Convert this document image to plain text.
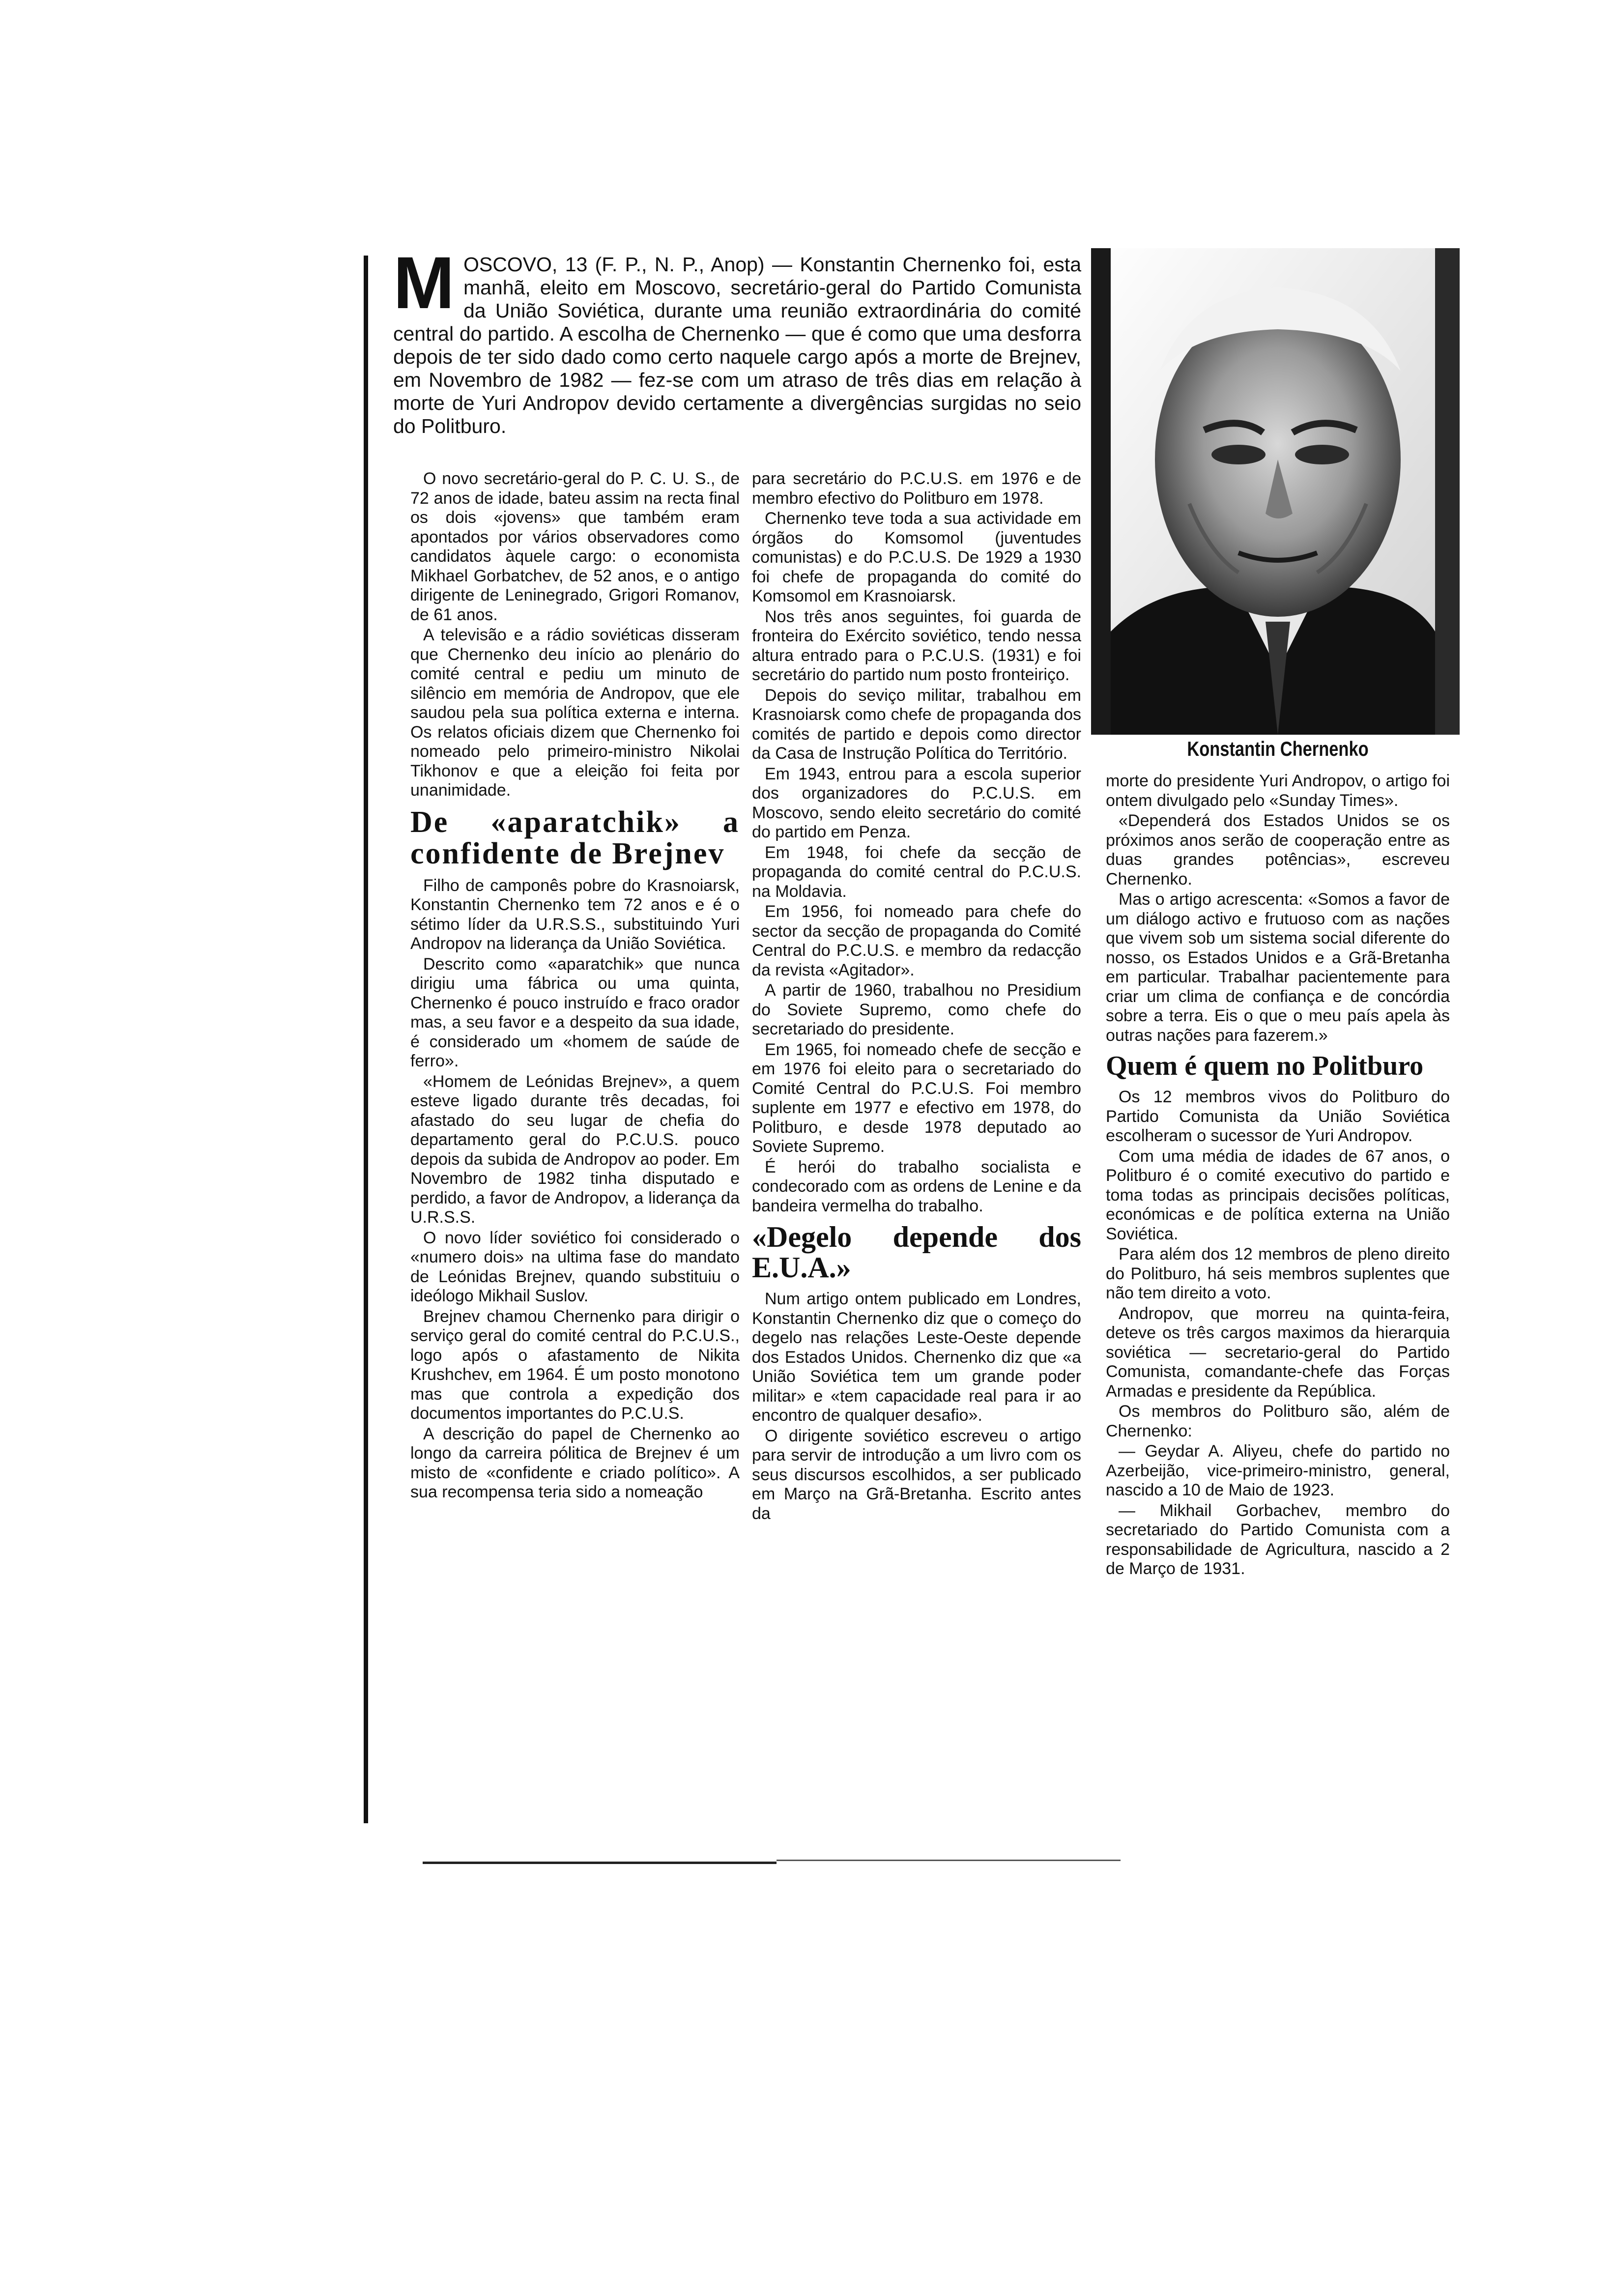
MOSCOVO, 13 (F. P., N. P., Anop) — Konstantin Chernenko foi, esta manhã, eleito em Moscovo, secretário-geral do Partido Comunista da União Soviética, durante uma reunião extraordinária do comité central do partido. A escolha de Chernenko — que é como que uma desforra depois de ter sido dado como certo naquele cargo após a morte de Brejnev, em Novembro de 1982 — fez-se com um atraso de três dias em relação à morte de Yuri Andropov devido certamente a divergências surgidas no seio do Politburo.

O novo secretário-geral do P. C. U. S., de 72 anos de idade, bateu assim na recta final os dois «jovens» que também eram apontados por vários observadores como candidatos àquele cargo: o economista Mikhael Gorbatchev, de 52 anos, e o antigo dirigente de Leninegrado, Grigori Romanov, de 61 anos.

A televisão e a rádio soviéticas disseram que Chernenko deu início ao plenário do comité central e pediu um minuto de silêncio em memória de Andropov, que ele saudou pela sua política externa e interna. Os relatos oficiais dizem que Chernenko foi nomeado pelo primeiro-ministro Nikolai Tikhonov e que a eleição foi feita por unanimidade.

De «aparatchik» a confidente de Brejnev

Filho de camponês pobre do Krasnoiarsk, Konstantin Chernenko tem 72 anos e é o sétimo líder da U.R.S.S., substituindo Yuri Andropov na liderança da União Soviética.

Descrito como «aparatchik» que nunca dirigiu uma fábrica ou uma quinta, Chernenko é pouco instruído e fraco orador mas, a seu favor e a despeito da sua idade, é considerado um «homem de saúde de ferro».

«Homem de Leónidas Brejnev», a quem esteve ligado durante três decadas, foi afastado do seu lugar de chefia do departamento geral do P.C.U.S. pouco depois da subida de Andropov ao poder. Em Novembro de 1982 tinha disputado e perdido, a favor de Andropov, a liderança da U.R.S.S.

O novo líder soviético foi considerado o «numero dois» na ultima fase do mandato de Leónidas Brejnev, quando substituiu o ideólogo Mikhail Suslov.

Brejnev chamou Chernenko para dirigir o serviço geral do comité central do P.C.U.S., logo após o afastamento de Nikita Krushchev, em 1964. É um posto monotono mas que controla a expedição dos documentos importantes do P.C.U.S.

A descrição do papel de Chernenko ao longo da carreira pólitica de Brejnev é um misto de «confidente e criado político». A sua recompensa teria sido a nomeação

para secretário do P.C.U.S. em 1976 e de membro efectivo do Politburo em 1978.

Chernenko teve toda a sua actividade em órgãos do Komsomol (juventudes comunistas) e do P.C.U.S. De 1929 a 1930 foi chefe de propaganda do comité do Komsomol em Krasnoiarsk.

Nos três anos seguintes, foi guarda de fronteira do Exército soviético, tendo nessa altura entrado para o P.C.U.S. (1931) e foi secretário do partido num posto fronteiriço.

Depois do seviço militar, trabalhou em Krasnoiarsk como chefe de propaganda dos comités de partido e depois como director da Casa de Instrução Política do Território.

Em 1943, entrou para a escola superior dos organizadores do P.C.U.S. em Moscovo, sendo eleito secretário do comité do partido em Penza.

Em 1948, foi chefe da secção de propaganda do comité central do P.C.U.S. na Moldavia.

Em 1956, foi nomeado para chefe do sector da secção de propaganda do Comité Central do P.C.U.S. e membro da redacção da revista «Agitador».

A partir de 1960, trabalhou no Presidium do Soviete Supremo, como chefe do secretariado do presidente.

Em 1965, foi nomeado chefe de secção e em 1976 foi eleito para o secretariado do Comité Central do P.C.U.S. Foi membro suplente em 1977 e efectivo em 1978, do Politburo, e desde 1978 deputado ao Soviete Supremo.

É herói do trabalho socialista e condecorado com as ordens de Lenine e da bandeira vermelha do trabalho.

«Degelo depende dos E.U.A.»

Num artigo ontem publicado em Londres, Konstantin Chernenko diz que o começo do degelo nas relações Leste-Oeste depende dos Estados Unidos. Chernenko diz que «a União Soviética tem um grande poder militar» e «tem capacidade real para ir ao encontro de qualquer desafio».

O dirigente soviético escreveu o artigo para servir de introdução a um livro com os seus discursos escolhidos, a ser publicado em Março na Grã-Bretanha. Escrito antes da

Konstantin Chernenko

morte do presidente Yuri Andropov, o artigo foi ontem divulgado pelo «Sunday Times».

«Dependerá dos Estados Unidos se os próximos anos serão de cooperação entre as duas grandes potências», escreveu Chernenko.

Mas o artigo acrescenta: «Somos a favor de um diálogo activo e frutuoso com as nações que vivem sob um sistema social diferente do nosso, os Estados Unidos e a Grã-Bretanha em particular. Trabalhar pacientemente para criar um clima de confiança e de concórdia sobre a terra. Eis o que o meu país apela às outras nações para fazerem.»

Quem é quem no Politburo

Os 12 membros vivos do Politburo do Partido Comunista da União Soviética escolheram o sucessor de Yuri Andropov.

Com uma média de idades de 67 anos, o Politburo é o comité executivo do partido e toma todas as principais decisões políticas, económicas e de política externa na União Soviética.

Para além dos 12 membros de pleno direito do Politburo, há seis membros suplentes que não tem direito a voto.

Andropov, que morreu na quinta-feira, deteve os três cargos maximos da hierarquia soviética — secretario-geral do Partido Comunista, comandante-chefe das Forças Armadas e presidente da República.

Os membros do Politburo são, além de Chernenko:

— Geydar A. Aliyeu, chefe do partido no Azerbeijão, vice-primeiro-ministro, general, nascido a 10 de Maio de 1923.

— Mikhail Gorbachev, membro do secretariado do Partido Comunista com a responsabilidade de Agricultura, nascido a 2 de Março de 1931.
